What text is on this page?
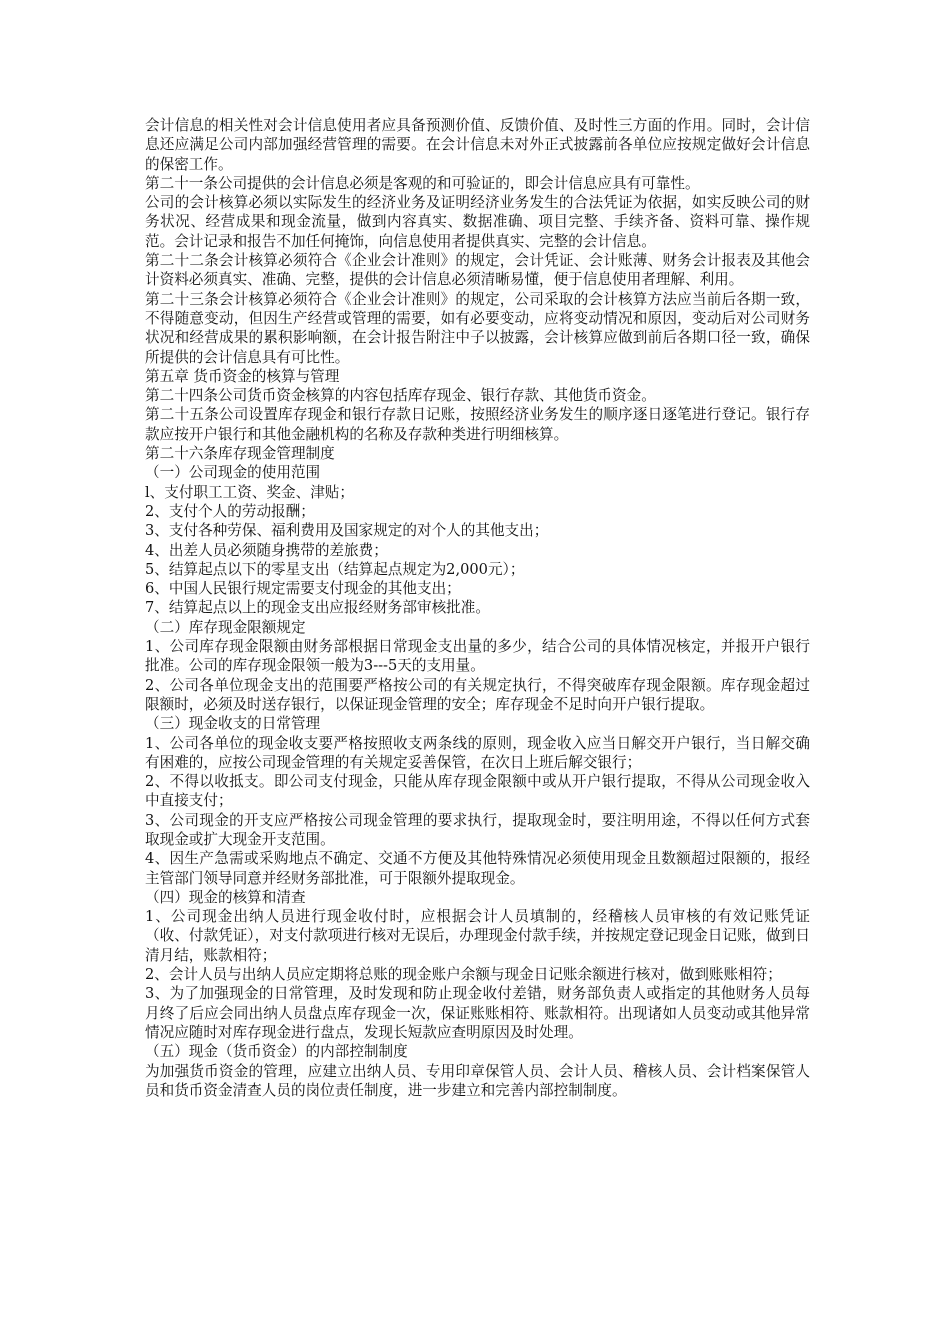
会计信息的相关性对会计信息使用者应具备预测价值、反馈价值、及时性三方面的作用。同时，会计信息还应满足公司内部加强经营管理的需要。在会计信息未对外正式披露前各单位应按规定做好会计信息的保密工作。

第二十一条公司提供的会计信息必须是客观的和可验证的，即会计信息应具有可靠性。

公司的会计核算必须以实际发生的经济业务及证明经济业务发生的合法凭证为依据，如实反映公司的财务状况、经营成果和现金流量，做到内容真实、数据准确、项目完整、手续齐备、资料可靠、操作规范。会计记录和报告不加任何掩饰，向信息使用者提供真实、完整的会计信息。

第二十二条会计核算必须符合《企业会计准则》的规定，会计凭证、会计账薄、财务会计报表及其他会计资料必须真实、准确、完整，提供的会计信息必须清晰易懂，便于信息使用者理解、利用。

第二十三条会计核算必须符合《企业会计准则》的规定，公司采取的会计核算方法应当前后各期一致，不得随意变动，但因生产经营或管理的需要，如有必要变动，应将变动情况和原因，变动后对公司财务状况和经营成果的累积影响额，在会计报告附注中子以披露，会计核算应做到前后各期口径一致，确保所提供的会计信息具有可比性。

第五章 货币资金的核算与管理

第二十四条公司货币资金核算的内容包括库存现金、银行存款、其他货币资金。

第二十五条公司设置库存现金和银行存款日记账，按照经济业务发生的顺序逐日逐笔进行登记。银行存款应按开户银行和其他金融机构的名称及存款种类进行明细核算。

第二十六条库存现金管理制度

（一）公司现金的使用范围

l、支付职工工资、奖金、津贴；

2、支付个人的劳动报酬；

3、支付各种劳保、福利费用及国家规定的对个人的其他支出；

4、出差人员必须随身携带的差旅费；

5、结算起点以下的零星支出（结算起点规定为2,000元）；

6、中国人民银行规定需要支付现金的其他支出；

7、结算起点以上的现金支出应报经财务部审核批准。

（二）库存现金限额规定

1、公司库存现金限额由财务部根据日常现金支出量的多少，结合公司的具体情况核定，并报开户银行批准。公司的库存现金限领一般为3---5天的支用量。

2、公司各单位现金支出的范围要严格按公司的有关规定执行，不得突破库存现金限额。库存现金超过限额时，必须及时送存银行，以保证现金管理的安全；库存现金不足时向开户银行提取。

（三）现金收支的日常管理

1、公司各单位的现金收支要严格按照收支两条线的原则，现金收入应当日解交开户银行，当日解交确有困难的，应按公司现金管理的有关规定妥善保管，在次日上班后解交银行；

2、不得以收抵支。即公司支付现金，只能从库存现金限额中或从开户银行提取，不得从公司现金收入中直接支付；

3、公司现金的开支应严格按公司现金管理的要求执行，提取现金时，要注明用途，不得以任何方式套取现金或扩大现金开支范围。

4、因生产急需或采购地点不确定、交通不方便及其他特殊情况必须使用现金且数额超过限额的，报经主管部门领导同意并经财务部批准，可于限额外提取现金。

（四）现金的核算和清查

1、公司现金出纳人员进行现金收付时，应根据会计人员填制的，经稽核人员审核的有效记账凭证（收、付款凭证），对支付款项进行核对无误后，办理现金付款手续，并按规定登记现金日记账，做到日清月结，账款相符；

2、会计人员与出纳人员应定期将总账的现金账户余额与现金日记账余额进行核对，做到账账相符；

3、为了加强现金的日常管理，及时发现和防止现金收付差错，财务部负责人或指定的其他财务人员每月终了后应会同出纳人员盘点库存现金一次，保证账账相符、账款相符。出现诸如人员变动或其他异常情况应随时对库存现金进行盘点，发现长短款应查明原因及时处理。

（五）现金（货币资金）的内部控制制度

为加强货币资金的管理，应建立出纳人员、专用印章保管人员、会计人员、稽核人员、会计档案保管人员和货币资金清查人员的岗位责任制度，进一步建立和完善内部控制制度。
